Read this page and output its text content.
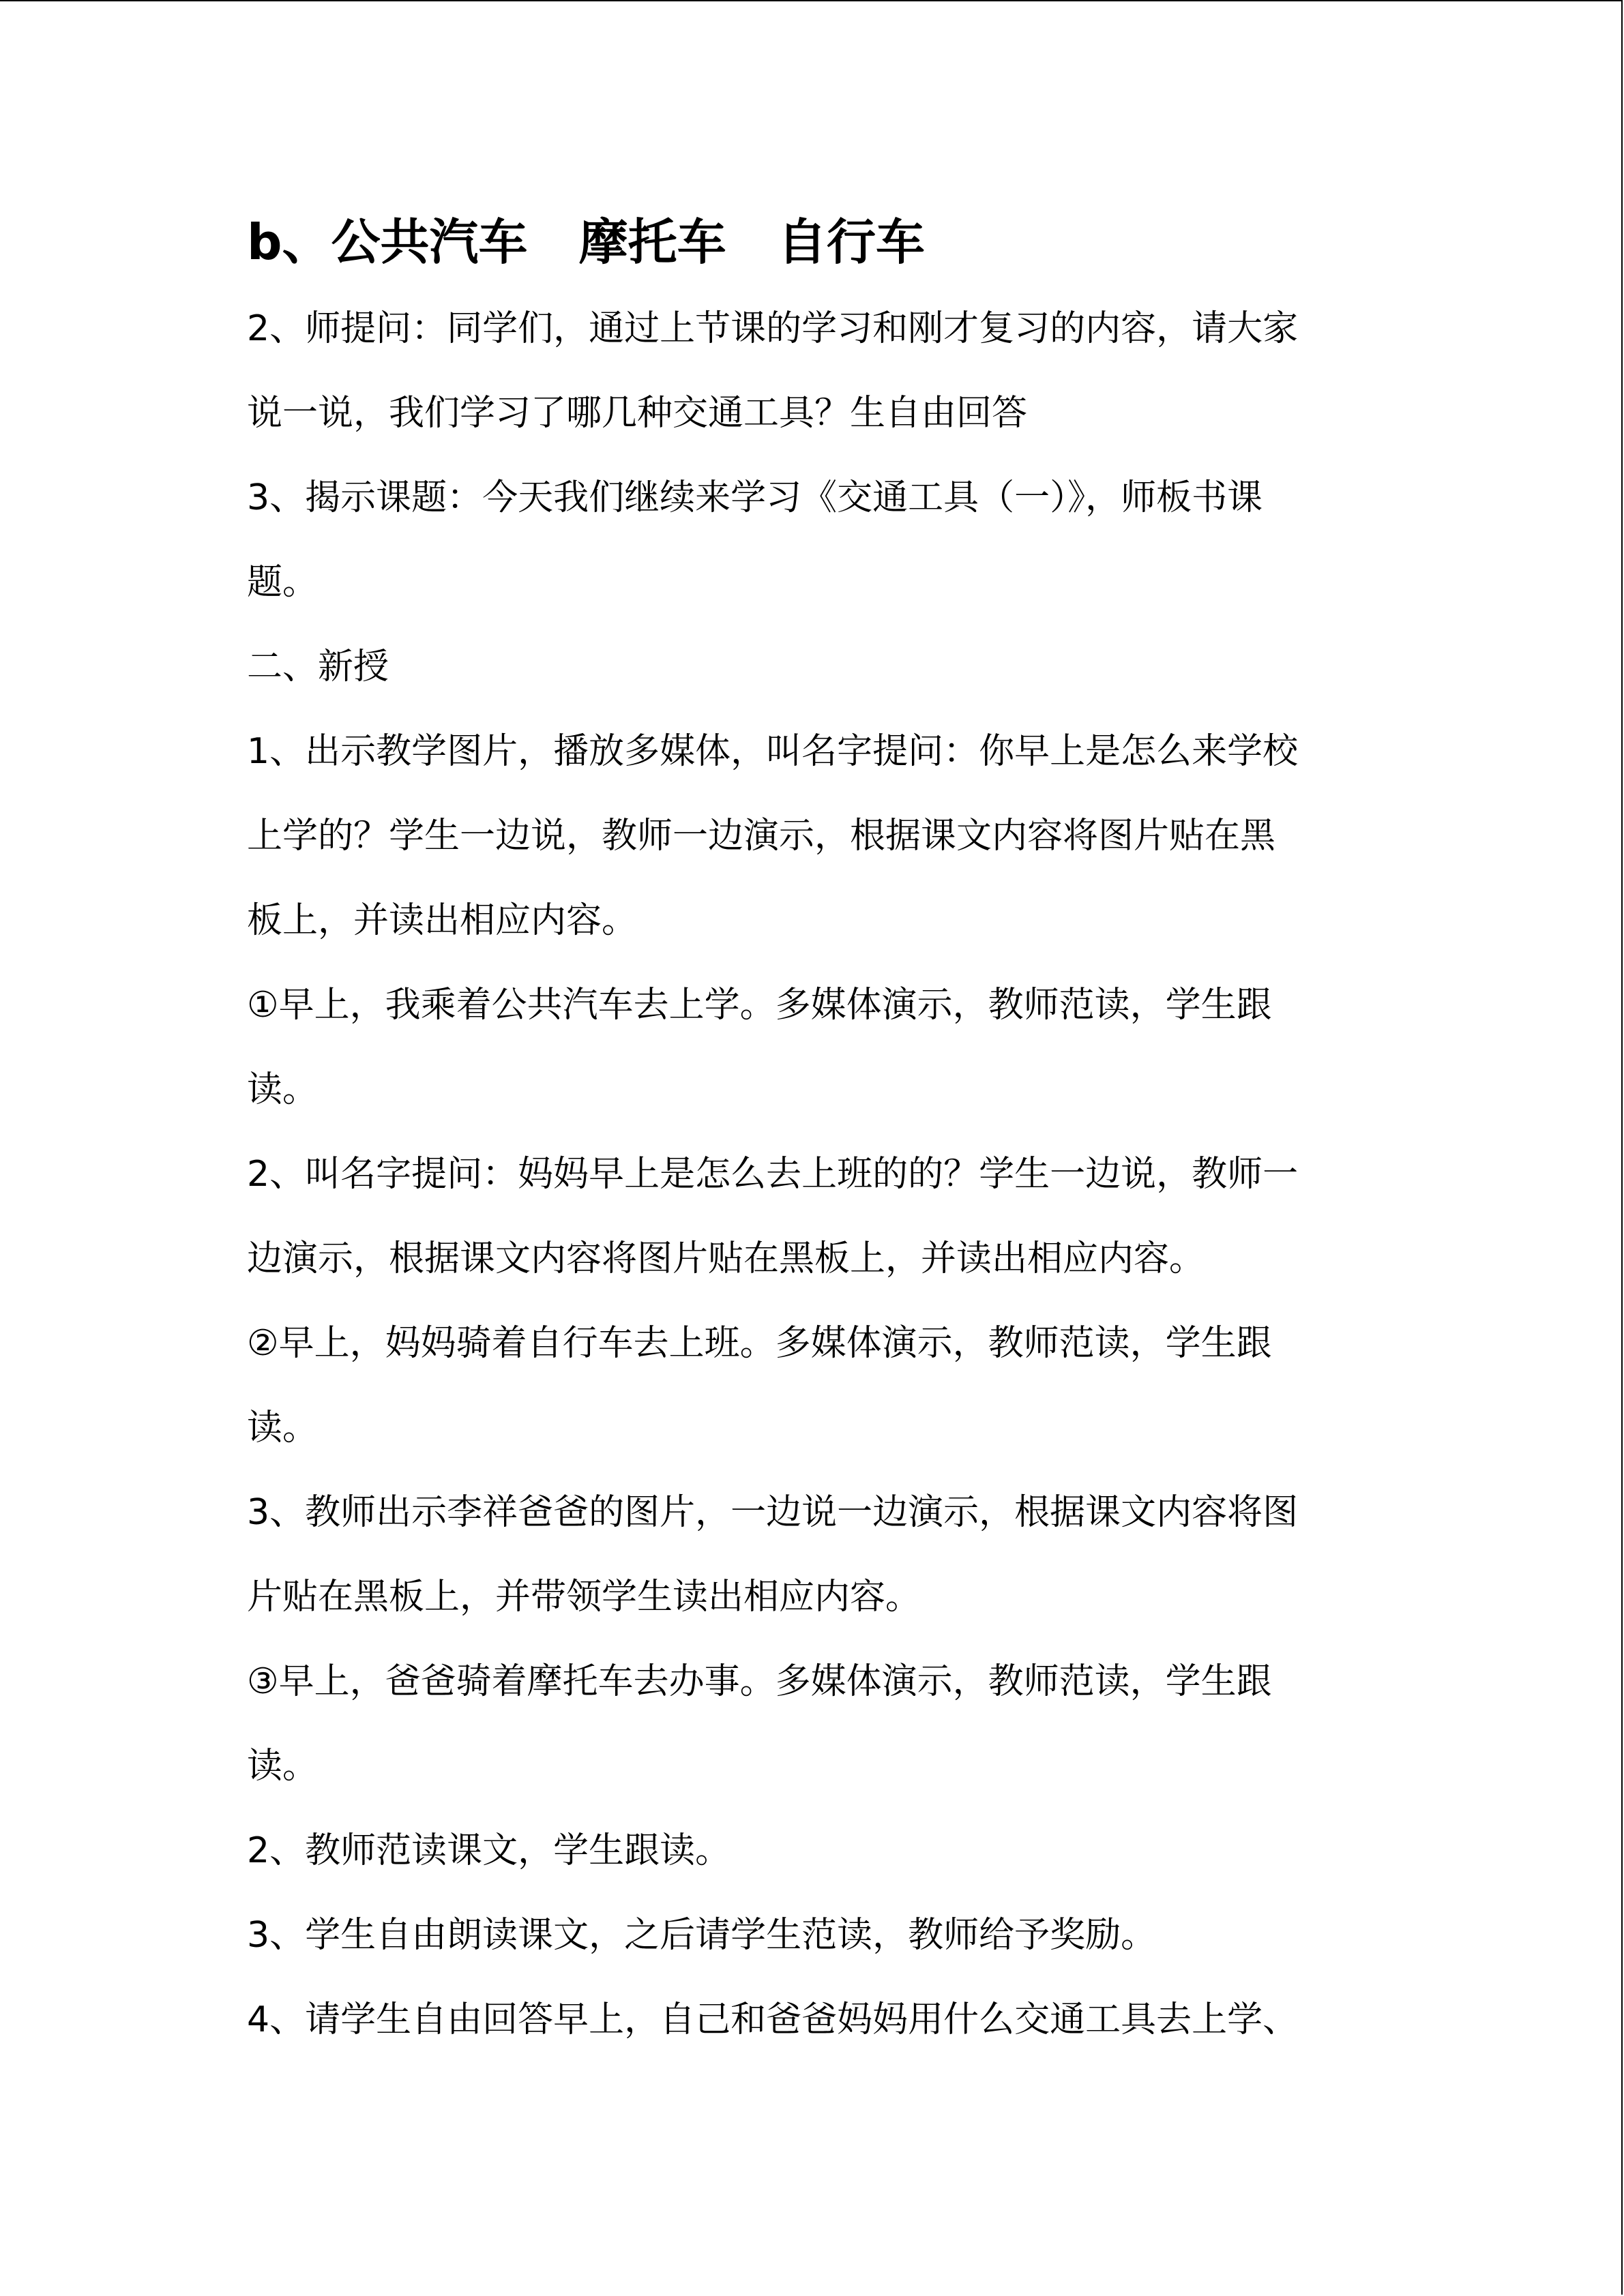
b、公共汽车   摩托车   自行车

2、师提问：同学们，通过上节课的学习和刚才复习的内容，请大家

说一说，我们学习了哪几种交通工具？生自由回答

3、揭示课题：今天我们继续来学习《交通工具（一）》，师板书课

题。

二、新授

1、出示教学图片，播放多媒体，叫名字提问：你早上是怎么来学校

上学的？学生一边说，教师一边演示，根据课文内容将图片贴在黑

板上，并读出相应内容。

①早上，我乘着公共汽车去上学。多媒体演示，教师范读，学生跟

读。

2、叫名字提问：妈妈早上是怎么去上班的的？学生一边说，教师一

边演示，根据课文内容将图片贴在黑板上，并读出相应内容。

②早上，妈妈骑着自行车去上班。多媒体演示，教师范读，学生跟

读。

3、教师出示李祥爸爸的图片，一边说一边演示，根据课文内容将图

片贴在黑板上，并带领学生读出相应内容。

③早上，爸爸骑着摩托车去办事。多媒体演示，教师范读，学生跟

读。

2、教师范读课文，学生跟读。

3、学生自由朗读课文，之后请学生范读，教师给予奖励。

4、请学生自由回答早上，自己和爸爸妈妈用什么交通工具去上学、
